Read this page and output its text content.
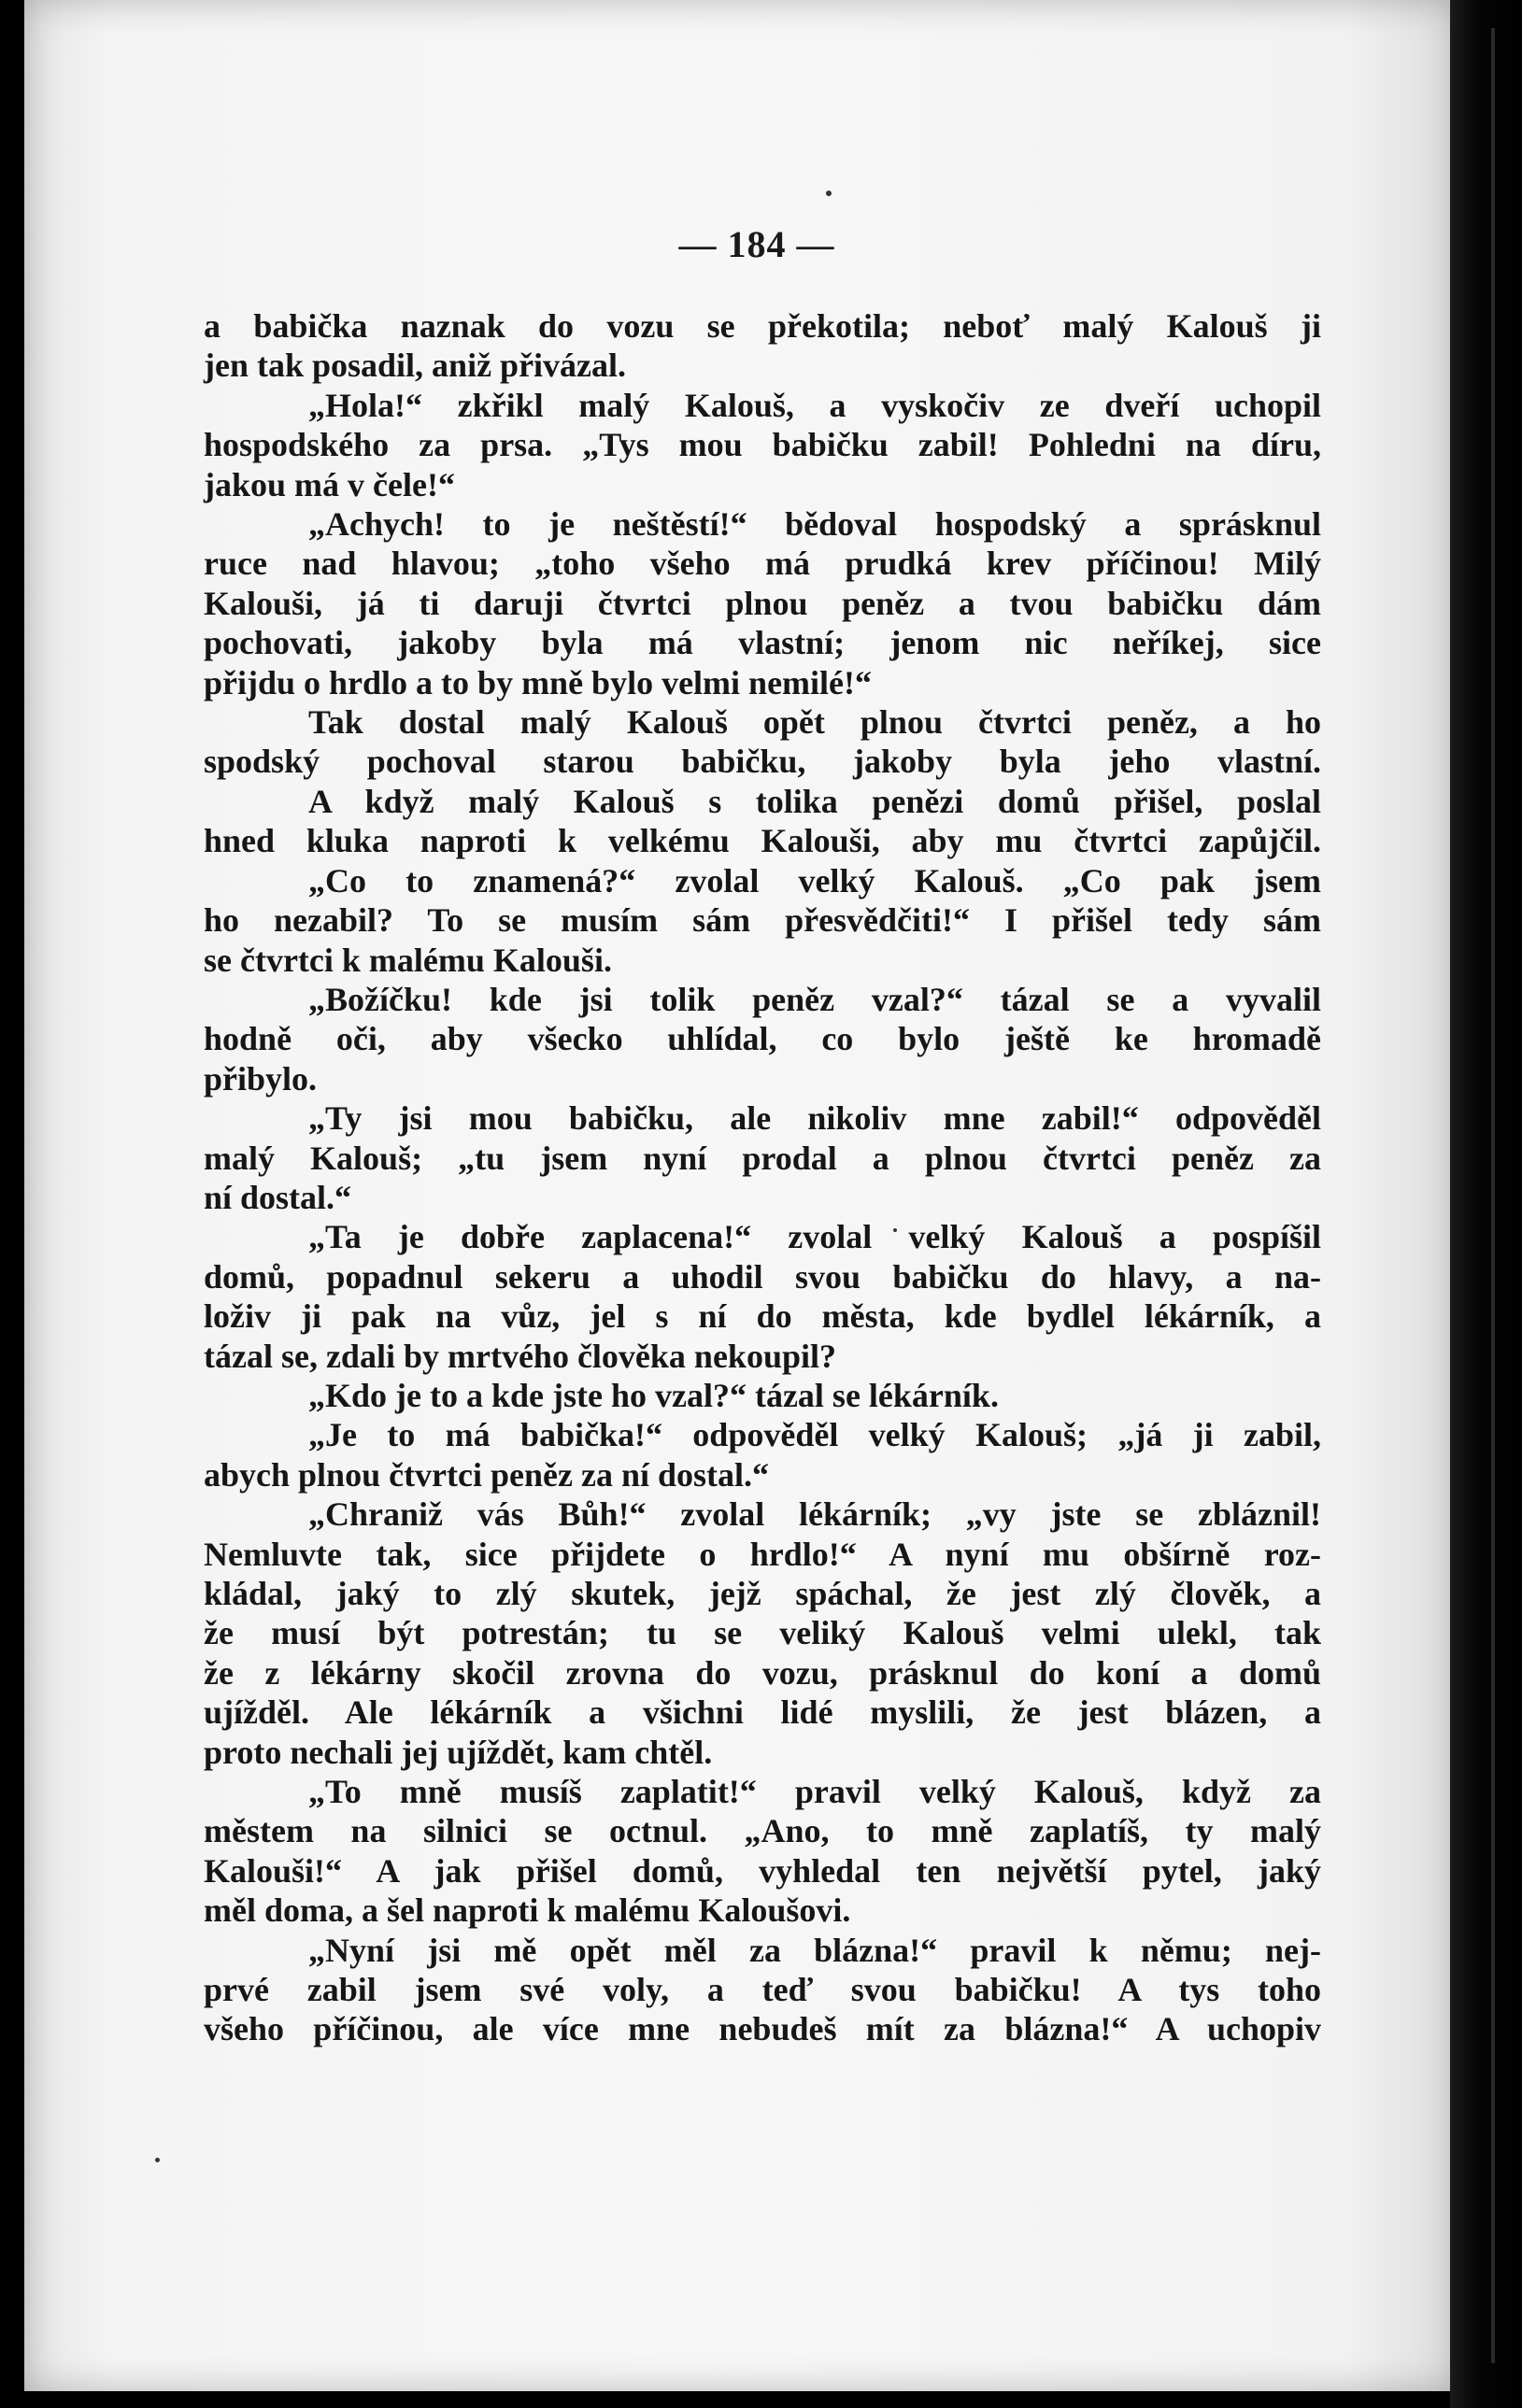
— 184 —
a babička naznak do vozu se překotila; neboť malý Kalouš ji
jen tak posadil, aniž přivázal.
„Hola!“ zkřikl malý Kalouš, a vyskočiv ze dveří uchopil
hospodského za prsa. „Tys mou babičku zabil! Pohledni na díru,
jakou má v čele!“
„Achych! to je neštěstí!“ bědoval hospodský a sprásknul
ruce nad hlavou; „toho všeho má prudká krev příčinou! Milý
Kalouši, já ti daruji čtvrtci plnou peněz a tvou babičku dám
pochovati, jakoby byla má vlastní; jenom nic neříkej, sice
přijdu o hrdlo a to by mně bylo velmi nemilé!“
Tak dostal malý Kalouš opět plnou čtvrtci peněz, a ho
spodský pochoval starou babičku, jakoby byla jeho vlastní.
A když malý Kalouš s tolika penězi domů přišel, poslal
hned kluka naproti k velkému Kalouši, aby mu čtvrtci zapůjčil.
„Co to znamená?“ zvolal velký Kalouš. „Co pak jsem
ho nezabil? To se musím sám přesvědčiti!“ I přišel tedy sám
se čtvrtci k malému Kalouši.
„Božíčku! kde jsi tolik peněz vzal?“ tázal se a vyvalil
hodně oči, aby všecko uhlídal, co bylo ještě ke hromadě
přibylo.
„Ty jsi mou babičku, ale nikoliv mne zabil!“ odpověděl
malý Kalouš; „tu jsem nyní prodal a plnou čtvrtci peněz za
ní dostal.“
„Ta je dobře zaplacena!“ zvolal velký Kalouš a pospíšil
domů, popadnul sekeru a uhodil svou babičku do hlavy, a na-
loživ ji pak na vůz, jel s ní do města, kde bydlel lékárník, a
tázal se, zdali by mrtvého člověka nekoupil?
„Kdo je to a kde jste ho vzal?“ tázal se lékárník.
„Je to má babička!“ odpověděl velký Kalouš; „já ji zabil,
abych plnou čtvrtci peněz za ní dostal.“
„Chraniž vás Bůh!“ zvolal lékárník; „vy jste se zbláznil!
Nemluvte tak, sice přijdete o hrdlo!“ A nyní mu obšírně roz-
kládal, jaký to zlý skutek, jejž spáchal, že jest zlý člověk, a
že musí být potrestán; tu se veliký Kalouš velmi ulekl, tak
že z lékárny skočil zrovna do vozu, prásknul do koní a domů
ujížděl. Ale lékárník a všichni lidé myslili, že jest blázen, a
proto nechali jej ujíždět, kam chtěl.
„To mně musíš zaplatit!“ pravil velký Kalouš, když za
městem na silnici se octnul. „Ano, to mně zaplatíš, ty malý
Kalouši!“ A jak přišel domů, vyhledal ten největší pytel, jaký
měl doma, a šel naproti k malému Kaloušovi.
„Nyní jsi mě opět měl za blázna!“ pravil k němu; nej-
prvé zabil jsem své voly, a teď svou babičku! A tys toho
všeho příčinou, ale více mne nebudeš mít za blázna!“ A uchopiv
